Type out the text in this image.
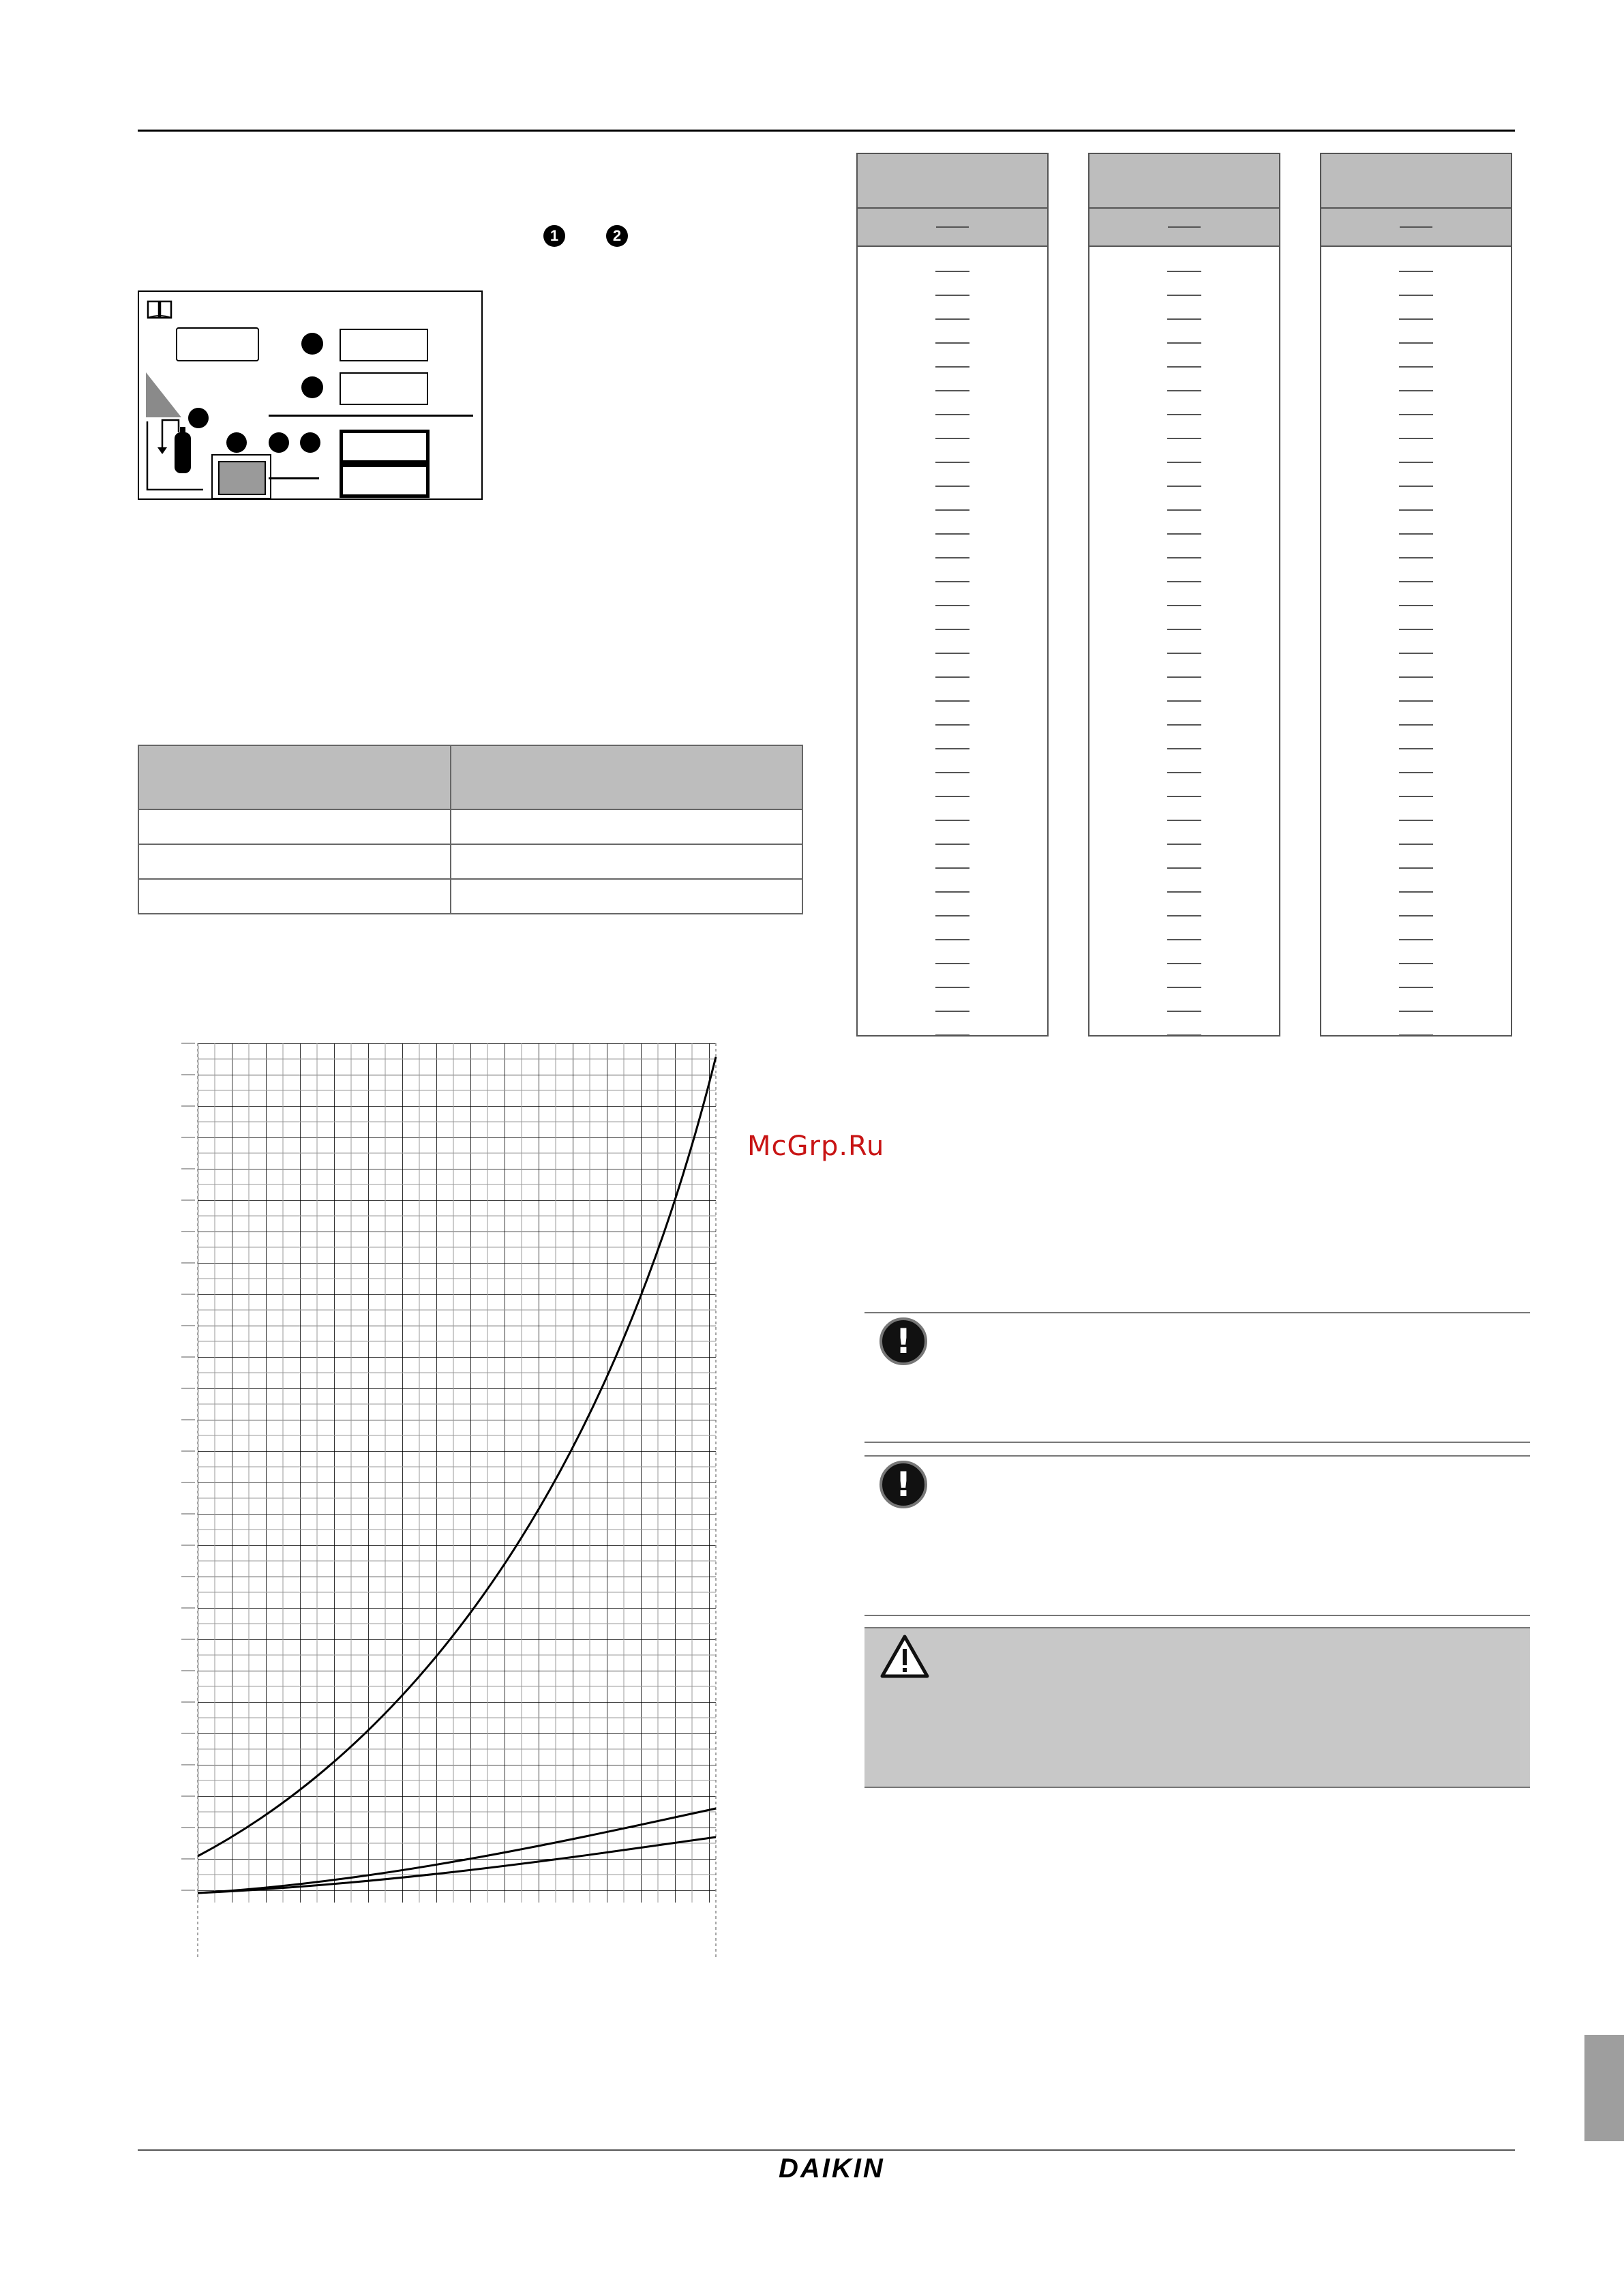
1	2

McGrp.Ru
!
!
DAIKIN
